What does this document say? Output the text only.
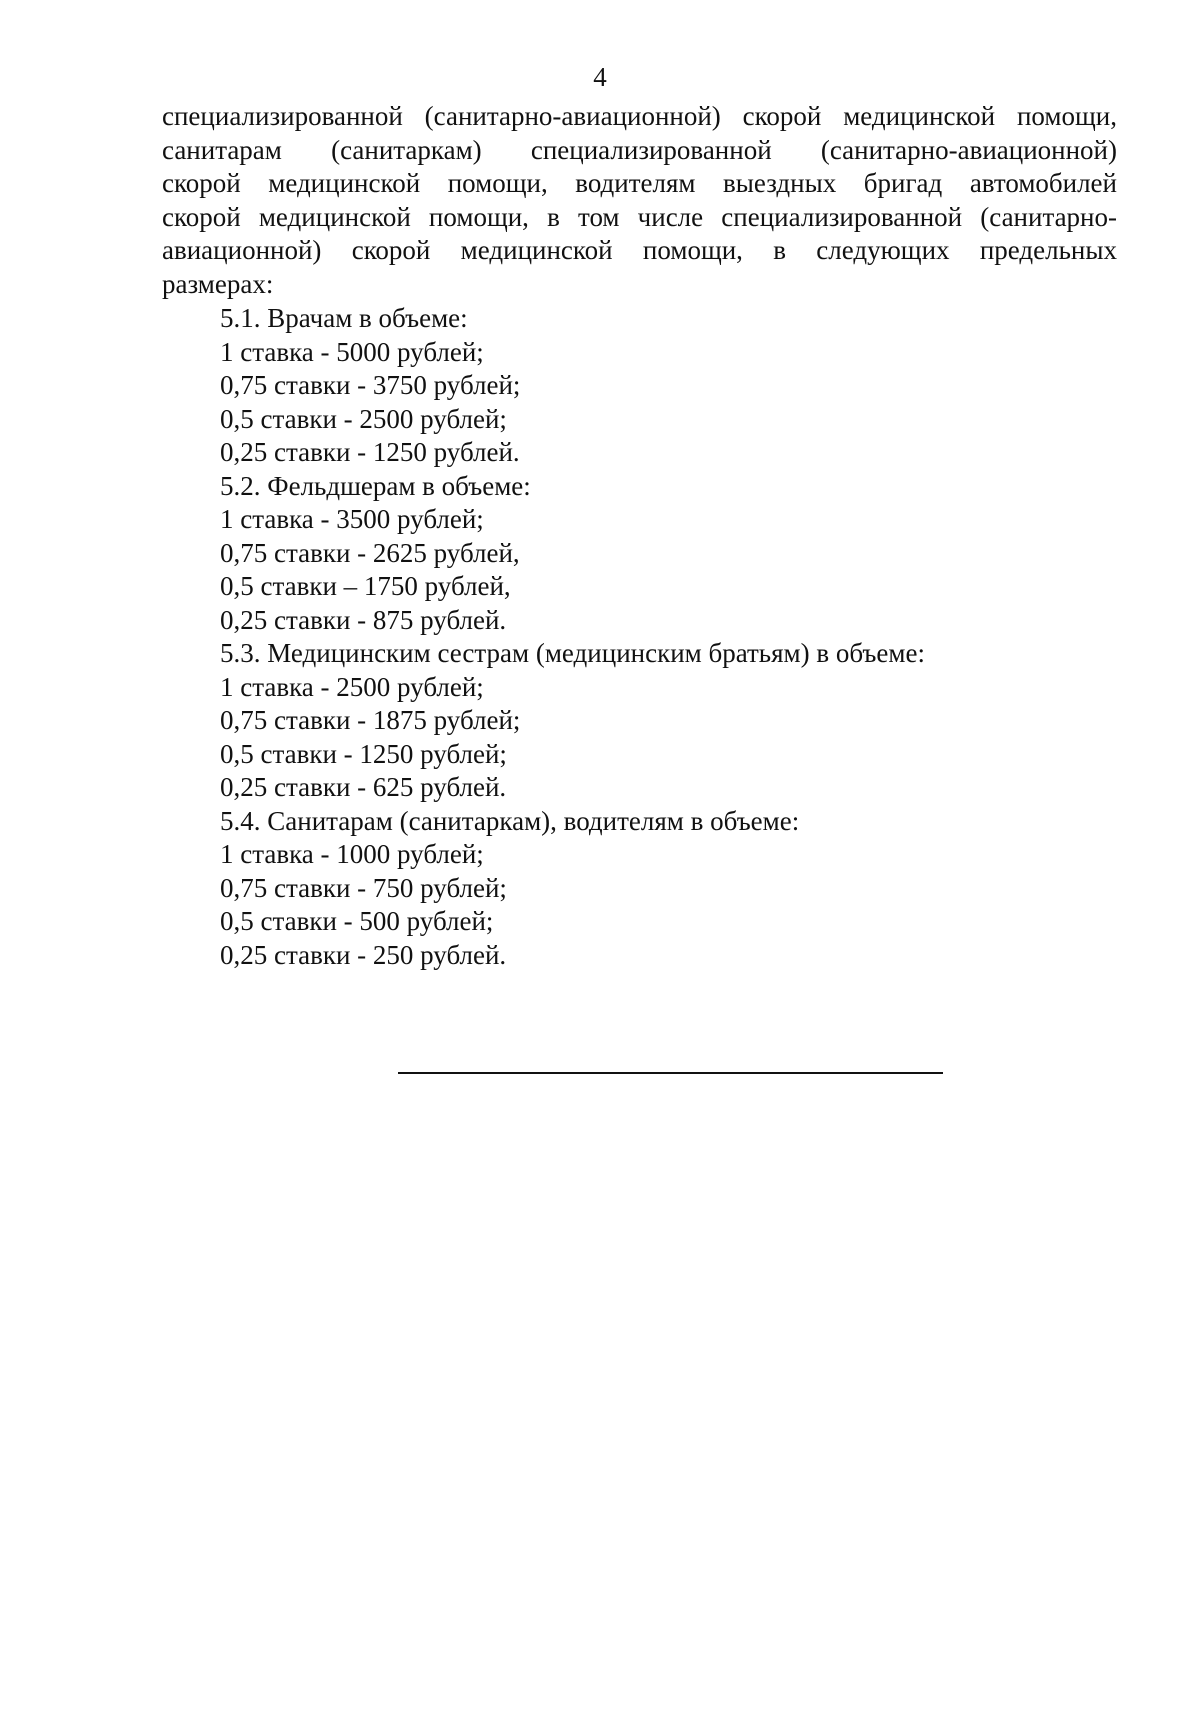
4

специализированной (санитарно-авиационной) скорой медицинской помощи,
санитарам (санитаркам) специализированной (санитарно-авиационной)
скорой медицинской помощи, водителям выездных бригад автомобилей
скорой медицинской помощи, в том числе специализированной (санитарно-
авиационной) скорой медицинской помощи, в следующих предельных
размерах:

5.1. Врачам в объеме:
1 ставка - 5000 рублей;
0,75 ставки - 3750 рублей;
0,5 ставки - 2500 рублей;
0,25 ставки - 1250 рублей.
5.2. Фельдшерам в объеме:
1 ставка - 3500 рублей;
0,75 ставки - 2625 рублей,
0,5 ставки – 1750 рублей,
0,25 ставки - 875 рублей.
5.3. Медицинским сестрам (медицинским братьям) в объеме:
1 ставка - 2500 рублей;
0,75 ставки - 1875 рублей;
0,5 ставки - 1250 рублей;
0,25 ставки - 625 рублей.
5.4. Санитарам (санитаркам), водителям в объеме:
1 ставка - 1000 рублей;
0,75 ставки - 750 рублей;
0,5 ставки - 500 рублей;
0,25 ставки - 250 рублей.
